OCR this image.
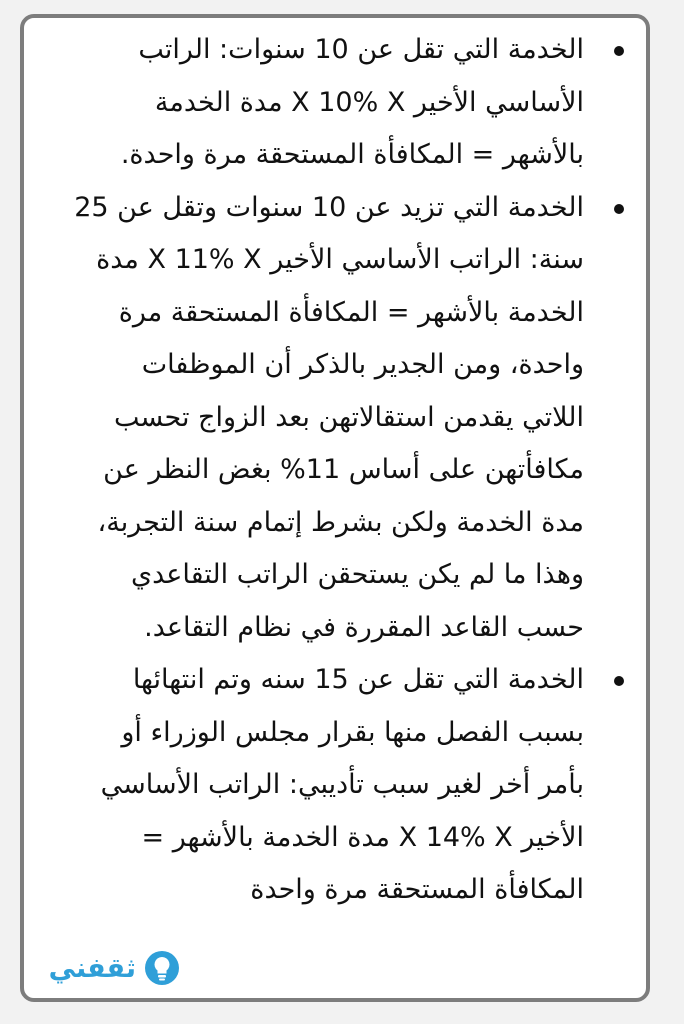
الخدمة التي تقل عن 10 سنوات: الراتب الأساسي الأخير X 10% X مدة الخدمة بالأشهر = المكافأة المستحقة مرة واحدة.
الخدمة التي تزيد عن 10 سنوات وتقل عن 25 سنة: الراتب الأساسي الأخير X 11% X مدة الخدمة بالأشهر = المكافأة المستحقة مرة واحدة، ومن الجدير بالذكر أن الموظفات اللاتي يقدمن استقالاتهن بعد الزواج تحسب مكافأتهن على أساس 11% بغض النظر عن مدة الخدمة ولكن بشرط إتمام سنة التجربة، وهذا ما لم يكن يستحقن الراتب التقاعدي حسب القاعد المقررة في نظام التقاعد.
الخدمة التي تقل عن 15 سنه وتم انتهائها بسبب الفصل منها بقرار مجلس الوزراء أو بأمر أخر لغير سبب تأديبي: الراتب الأساسي الأخير X 14% X مدة الخدمة بالأشهر = المكافأة المستحقة مرة واحدة
ثقفني
